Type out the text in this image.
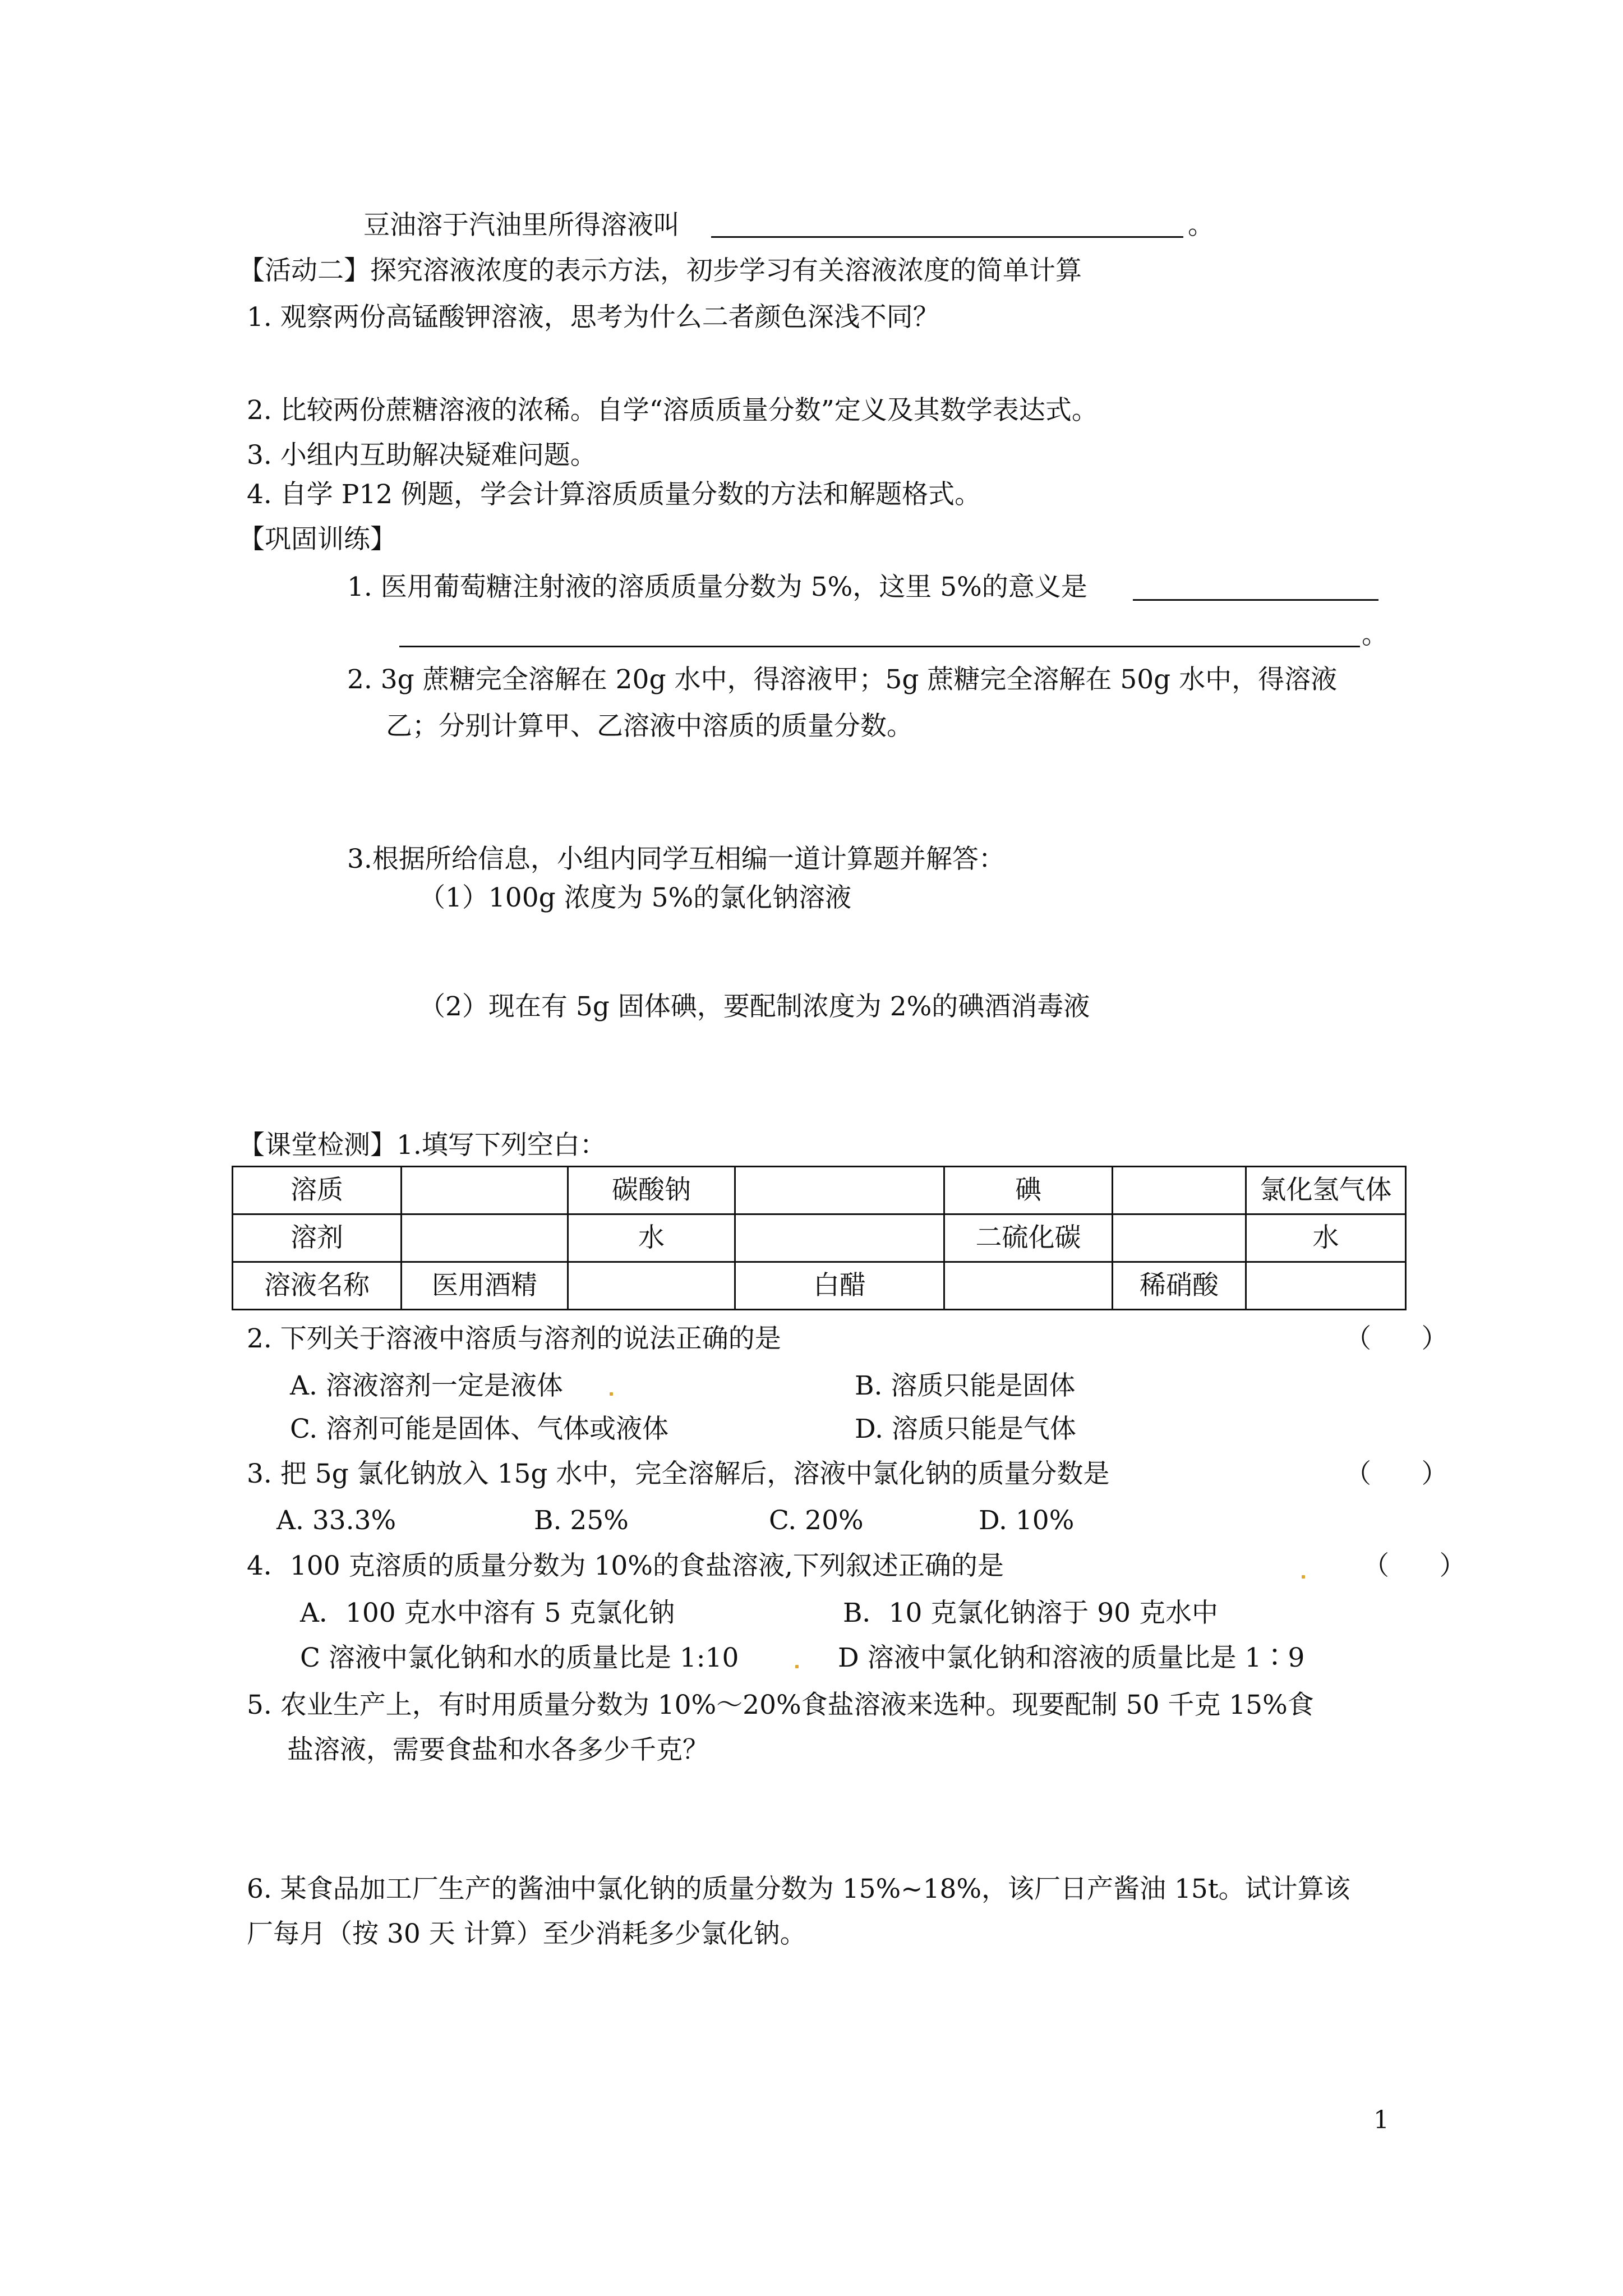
豆油溶于汽油里所得溶液叫	。
【活动二】探究溶液浓度的表示方法，初步学习有关溶液浓度的简单计算
1. 观察两份高锰酸钾溶液，思考为什么二者颜色深浅不同？
2. 比较两份蔗糖溶液的浓稀。自学“溶质质量分数”定义及其数学表达式。
3. 小组内互助解决疑难问题。
4. 自学 P12 例题，学会计算溶质质量分数的方法和解题格式。
【巩固训练】
1. 医用葡萄糖注射液的溶质质量分数为 5%，这里 5%的意义是
。
2. 3g 蔗糖完全溶解在 20g 水中，得溶液甲；5g 蔗糖完全溶解在 50g 水中，得溶液
乙；分别计算甲、乙溶液中溶质的质量分数。
3.根据所给信息，小组内同学互相编一道计算题并解答：
（1）100g 浓度为 5%的氯化钠溶液
（2）现在有 5g 固体碘，要配制浓度为 2%的碘酒消毒液
【课堂检测】1.填写下列空白：
溶质		碳酸钠		碘		氯化氢气体
溶剂		水		二硫化碳		水
溶液名称	医用酒精		白醋		稀硝酸	
2. 下列关于溶液中溶质与溶剂的说法正确的是	（      ）
A. 溶液溶剂一定是液体	B. 溶质只能是固体
C. 溶剂可能是固体、气体或液体	D. 溶质只能是气体
3. 把 5g 氯化钠放入 15g 水中，完全溶解后，溶液中氯化钠的质量分数是	（      ）
A. 33.3%	B. 25%	C. 20%	D. 10%
4．100 克溶质的质量分数为 10%的食盐溶液,下列叙述正确的是	（      ）
A．100 克水中溶有 5 克氯化钠	B．10 克氯化钠溶于 90 克水中
C 溶液中氯化钠和水的质量比是 1:10	D 溶液中氯化钠和溶液的质量比是 1∶9
5. 农业生产上，有时用质量分数为 10%～20%食盐溶液来选种。现要配制 50 千克 15%食
盐溶液，需要食盐和水各多少千克？
6. 某食品加工厂生产的酱油中氯化钠的质量分数为 15%~18%，该厂日产酱油 15t。试计算该
厂每月（按 30 天 计算）至少消耗多少氯化钠。
1
